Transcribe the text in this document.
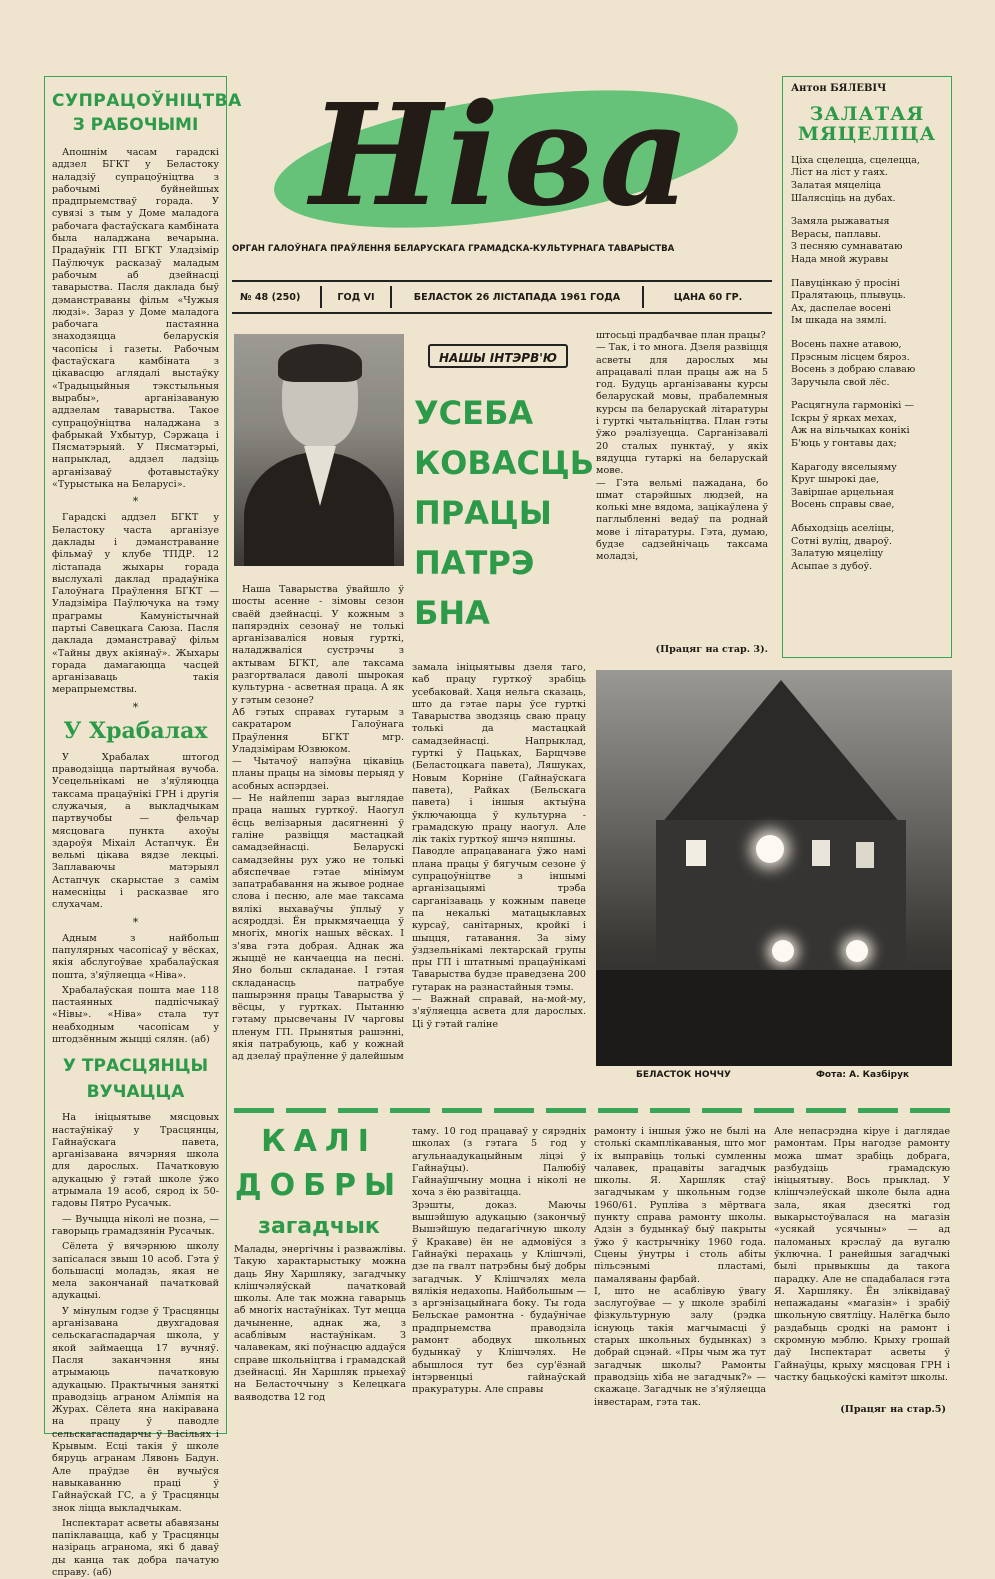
СУПРАЦОЎНІЦТВА
З РАБОЧЫМІ

Апошнім часам гарадскі аддзел БГКТ у Беластоку наладзіў супрацоўніцтва з рабочымі буйнейшых прадпрыемстваў горада. У сувязі з тым у Доме маладога рабочага фастаўскага камбіната была наладжана вечарына. Прадаўнік ГП БГКТ Уладзімір Паўлючук расказаў маладым рабочым аб дзейнасці таварыства. Пасля даклада быў дэманстраваны фільм «Чужыя людзі». Зараз у Доме маладога рабочага пастаянна знаходзяцца беларускія часопісы і газеты. Рабочым фастаўскага камбіната з цікавасцю аглядалі выстаўку «Традыцыйныя тэкстыльныя вырабы», арганізаваную аддзелам таварыства. Такое супрацоўніцтва наладжана з фабрыкай Ухбытур, Сэржаца і Пясматэрыяй. У Пясматэрыі, напрыклад, аддзел ладзіць арганізаваў фотавыстаўку «Турыстыка на Беларусі».

*

Гарадскі аддзел БГКТ у Беластоку часта арганізуе даклады і дэманстраванне фільмаў у клубе ТПДР. 12 лістапада жыхары горада выслухалі даклад прадаўніка Галоўнага Праўлення БГКТ — Уладзіміра Паўлючука на тэму праграмы Камуністычнай партыі Савецкага Саюза. Пасля даклада дэманстраваў фільм «Тайны двух акіянаў». Жыхары горада дамагаюцца часцей арганізаваць такія мерапрыемствы.

*
У Храбалах

У Храбалах штогод праводзіцца партыйная вучоба. Усецельнікамі не з'яўляюцца таксама працаўнікі ГРН і другія служачыя, а выкладчыкам партвучобы — фельчар мясцовага пункта ахоўы здароўя Міхаіл Астапчук. Ён вельмі цікава вядзе лекцыі. Заплаваючы матэрыял Астапчук скарыстае з самім намесніцы і расказвае яго слухачам.

*

Адным з найбольш папулярных часопісаў у вёсках, якія абслугоўвае храбалаўская пошта, з'яўляецца «Ніва».

Храбалаўская пошта мае 118 пастаянных падпісчыкаў «Нівы». «Ніва» стала тут неабходным часопісам у штодзённым жыцці сялян. (аб)

У ТРАСЦЯНЦЫ
ВУЧАЦЦА

На ініцыятыве мясцовых настаўнікаў у Трасцянцы, Гайнаўскага павета, арганізавана вячэрняя школа для дарослых. Пачатковую адукацыю ў гэтай школе ўжо атрымала 19 асоб, сярод іх 50-гадовы Пятро Русачык.

— Вучыцца ніколі не позна, — гаворыць грамадзянін Русачык.

Сёлета ў вячэрнюю школу запісалася звыш 10 асоб. Гэта ў большасці моладзь, якая не мела закончанай пачатковай адукацыі.

У мінулым годзе ў Трасцянцы арганізавана двухгадовая сельскагаспадарчая школа, у якой займаецца 17 вучняў. Пасля заканчэння яны атрымаюць пачатковую адукацыю. Практычныя заняткі праводзіць аграном Алімпія на Журах. Сёлета яна накіравана на працу ў паводле сельскагаспадарчы ў Васільях і Крывым. Есці такія ў школе бяруць агранам Лявонь Бадун. Але праўдзе ён вучыўся навыкаванню праці ў Гайнаўскай ГС, а ў Трасцянцы знок ліцца выкладчыкам.

Інспектарат асветы абавязаны папіклавацца, каб у Трасцянцы назіраць агранома, які б даваў ды канца так добра пачатую справу. (аб)

Ніва
ОРГАН ГАЛОЎНАГА ПРАЎЛЕННЯ БЕЛАРУСКАГА ГРАМАДСКА-КУЛЬТУРНАГА ТАВАРЫСТВА
№ 48 (250)	ГОД VI	БЕЛАСТОК 26 ЛІСТАПАДА 1961 ГОДА	ЦАНА 60 ГР.
Антон БЯЛЕВІЧ
ЗАЛАТАЯ
МЯЦЕЛІЦА
Ціха сцелецца, сцелецца,
Ліст на ліст у гаях.
Залатая мяцеліца
Шалясціць на дубах.
Замяла рыжаватыя
Верасы, паплавы.
З песняю сумнаватаю
Нада мной журавы
Павуцінкаю ў просіні
Пралятаюць, плывуць.
Ах, даспелае восені
Ім шкада на зямлі.
Восень пахне атавою,
Прэсным лісцем бяроз.
Восень з добраю славаю
Заручыла свой лёс.
Расцягнула гармонікі —
Іскры ў ярках мехах,
Аж на вільчыках конікі
Б'юць у гонтавы дах;
Карагоду вяселыяму
Круг шырокі дае,
Завіршае арцельная
Восень справы свае,
Абыходзіць аселіцы,
Сотні вуліц, двароў.
Залатую мяцеліцу
Асыпае з дубоў.
НАШЫ ІНТЭРВ'Ю
УСЕБА
КОВАСЦЬ
ПРАЦЫ
ПАТРЭ
БНА
Наша Таварыства ўвайшло ў шосты асенне - зімовы сезон сваёй дзейнасці. У кожным з папярэдніх сезонаў не толькі арганізаваліся новыя гурткі, наладжваліся сустрэчы з актывам БГКТ, але таксама разгортвалася даволі шырокая культурна - асветная праца. А як у гэтым сезоне?
Аб гэтых справах гутарым з сакратаром Галоўнага Праўлення БГКТ мгр. Уладзімірам Юзвюком.
— Чытачоў напэўна цікавіць планы працы на зімовы перыяд у асобных аспэрдзеі.
— Не найлепш зараз выглядае праца нашых гурткоў. Наогул ёсць велізарныя дасягненні ў галіне развіцця мастацкай самадзейнасці. Беларускі самадзейны рух ужо не толькі абяспечвае гэтае мінімум запатрабавання на жывое роднае слова і песню, але мае таксама вялікі выхаваўчы ўплыў у асяроддзі. Ён прыкмячаецца ў многіх, многіх нашых вёсках. І з'ява гэта добрая. Аднак жа жыццё не канчаецца на песні. Яно больш складанае. І гэтая складанасць патрабуе пашырэння працы Таварыства ў вёсцы, у гуртках. Пытанню гэтаму прысвечаны IV чарговы пленум ГП. Прынятыя рашэнні, якія патрабуюць, каб у кожнай ад дзелаў праўленне ў далейшым
замала ініцыятывы дзеля таго, каб працу гурткоў зрабіць усебаковай. Хаця нельга сказаць, што да гэтае пары ўсе гурткі Таварыства зводзяць сваю працу толькі да мастацкай самадзейнасці. Напрыклад, гурткі ў Пацьках, Барщчэве (Беластоцкага павета), Ляшуках, Новым Корніне (Гайнаўскага павета), Райках (Бельскага павета) і іншыя актыўна ўключаюцца ў культурна - грамадскую працу наогул. Але лік такіх гурткоў яшчэ няпшны.
Паводле апрацаванага ўжо намі плана працы ў бягучым сезоне ў супрацоўніцтве з іншымі арганізацыямі трэба сарганізаваць у кожным павеце па некалькі матацыклавых курсаў, санітарных, кройкі і шыцця, гатавання. За зіму ўздзельнікамі лектарскай групы пры ГП і штатнымі працаўнікамі Таварыства будзе праведзена 200 гутарак на разнастайныя тэмы.
— Важнай справай, на-мой-му, з'яўляецца асвета для дарослых. Ці ў гэтай галіне
штосьці прадбачвае план працы?
— Так, і то многа. Дзеля развіцця асветы для дарослых мы апрацавалі план працы аж на 5 год. Будуць арганізаваны курсы беларускай мовы, прабалемныя курсы па беларускай літаратуры і гурткі чытальніцтва. План гэты ўжо рэалізуецца. Сарганізавалі 20 сталых пунктаў, у якіх вядуцца гутаркі на беларускай мове.
— Гэта вельмі пажадана, бо шмат старэйшых людзей, на колькі мне вядома, зацікаўлена ў паглыбленні ведаў па роднай мове і літаратуры. Гэта, думаю, будзе садзейнічаць таксама моладзі,
(Працяг на стар. 3).
БЕЛАСТОК НОЧЧУ	Фота: А. Казбірук
КАЛІ
ДОБРЫ
загадчык
Малады, энергічны і разважлівы. Такую характарыстыку можна даць Яну Харшляку, загадчыку клішчэляўскай пачатковай школы. Але так можна гаварыць аб многіх настаўніках. Тут мецца дачыненне, аднак жа, з асаблівым настаўнікам. З чалавекам, які поўнасцю аддаўся справе школьніцтва і грамадскай дзейнасці. Ян Харшляк прыехаў на Беласточчыну з Келецкага ваяводства 12 год
таму. 10 год працаваў у сярэдніх школах (з гэтага 5 год у агульнаадукацыйным ліцэі ў Гайнаўцы). Палюбіў Гайнаўшчыну моцна і ніколі не хоча з ёю развітацца.
Зрэшты, доказ. Маючы вышэйшую адукацыю (закончыў Вышэйшую педагагічную школу ў Кракаве) ён не адмовіўся з Гайнаўкі перахаць у Клішчэлі, дзе па гвалт патрэбны быў добры загадчык. У Клішчэлях мела вялікія недахопы. Найбольшым — з аргэнізацыйнага боку. Ты года Бельскае рамонтна - будаўнічае прадпрыемства праводзіла рамонт абодвух школьных будынкаў у Клішчэлях. Не абышлося тут без сур'ёзнай інтэрвенцыі гайнаўскай пракуратуры. Але справы
рамонту і іншыя ўжо не былі на столькі скамплікаваныя, што мог іх выправіць толькі сумленны чалавек, працавіты загадчык школы. Я. Харшляк стаў загадчыкам у школьным годзе 1960/61. Рупліва з мёртвага пункту справа рамонту школы. Адзін з будынкаў быў пакрыты ўжо ў кастрычніку 1960 года. Сцены ўнутры і столь абіты пільсэнымі пластамі, памаляваны фарбай.
І, што не асаблівую ўвагу заслугоўвае — у школе зрабілі фізкультурную залу (рэдка існуюць такія магчымасці ў старых школьных будынках) з добрай сцэнай. «Пры чым жа тут загадчык школы? Рамонты праводзіць хіба не загадчык?» — скажаце. Загадчык не з'яўляецца інвестарам, гэта так.
Але непасрэдна кіруе і даглядае рамонтам. Пры нагодзе рамонту можа шмат зрабіць добрага, разбудзіць грамадскую ініцыятыву. Вось прыклад. У клішчэлеўскай школе была адна зала, якая дзесяткі год выкарыстоўвалася на магазін «усякай усячыны» — ад паломаных крэслаў да вугалю ўключна. І ранейшыя загадчыкі былі прывыкшы да такога парадку. Але не спадабалася гэта Я. Харшляку. Ён зліквідаваў непажаданы «магазін» і зрабіў школьную святліцу. Налёгка было раздабыць сродкі на рамонт і скромную мэблю. Крыху грошай даў Інспектарат асветы ў Гайнаўцы, крыху мясцовая ГРН і частку бацькоўскі камітэт школы.
(Працяг на стар.5)
